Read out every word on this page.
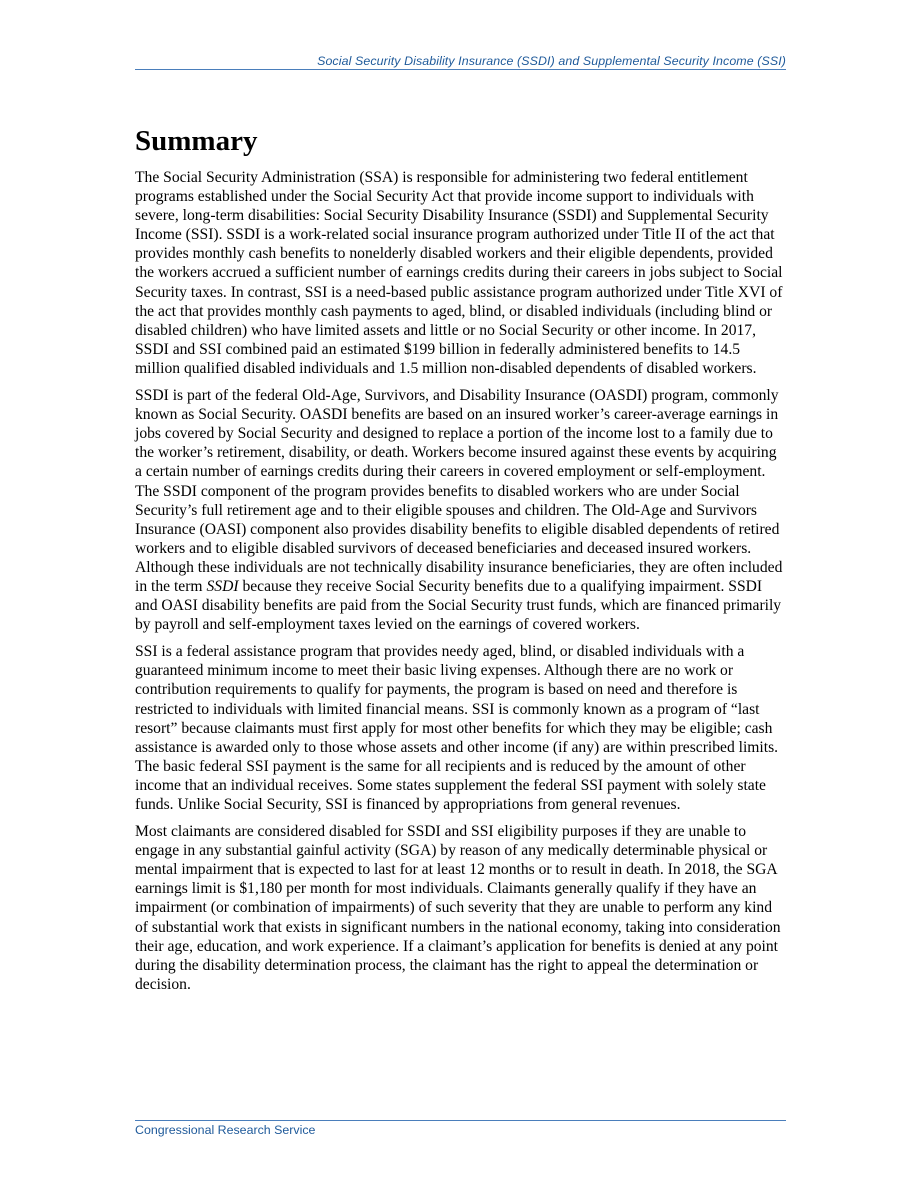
Social Security Disability Insurance (SSDI) and Supplemental Security Income (SSI)
Summary

The Social Security Administration (SSA) is responsible for administering two federal entitlement programs established under the Social Security Act that provide income support to individuals with severe, long-term disabilities: Social Security Disability Insurance (SSDI) and Supplemental Security Income (SSI). SSDI is a work-related social insurance program authorized under Title II of the act that provides monthly cash benefits to nonelderly disabled workers and their eligible dependents, provided the workers accrued a sufficient number of earnings credits during their careers in jobs subject to Social Security taxes. In contrast, SSI is a need-based public assistance program authorized under Title XVI of the act that provides monthly cash payments to aged, blind, or disabled individuals (including blind or disabled children) who have limited assets and little or no Social Security or other income. In 2017, SSDI and SSI combined paid an estimated $199 billion in federally administered benefits to 14.5 million qualified disabled individuals and 1.5 million non-disabled dependents of disabled workers.

SSDI is part of the federal Old-Age, Survivors, and Disability Insurance (OASDI) program, commonly known as Social Security. OASDI benefits are based on an insured worker’s career-average earnings in jobs covered by Social Security and designed to replace a portion of the income lost to a family due to the worker’s retirement, disability, or death. Workers become insured against these events by acquiring a certain number of earnings credits during their careers in covered employment or self-employment. The SSDI component of the program provides benefits to disabled workers who are under Social Security’s full retirement age and to their eligible spouses and children. The Old-Age and Survivors Insurance (OASI) component also provides disability benefits to eligible disabled dependents of retired workers and to eligible disabled survivors of deceased beneficiaries and deceased insured workers. Although these individuals are not technically disability insurance beneficiaries, they are often included in the term SSDI because they receive Social Security benefits due to a qualifying impairment. SSDI and OASI disability benefits are paid from the Social Security trust funds, which are financed primarily by payroll and self-employment taxes levied on the earnings of covered workers.

SSI is a federal assistance program that provides needy aged, blind, or disabled individuals with a guaranteed minimum income to meet their basic living expenses. Although there are no work or contribution requirements to qualify for payments, the program is based on need and therefore is restricted to individuals with limited financial means. SSI is commonly known as a program of “last resort” because claimants must first apply for most other benefits for which they may be eligible; cash assistance is awarded only to those whose assets and other income (if any) are within prescribed limits. The basic federal SSI payment is the same for all recipients and is reduced by the amount of other income that an individual receives. Some states supplement the federal SSI payment with solely state funds. Unlike Social Security, SSI is financed by appropriations from general revenues.

Most claimants are considered disabled for SSDI and SSI eligibility purposes if they are unable to engage in any substantial gainful activity (SGA) by reason of any medically determinable physical or mental impairment that is expected to last for at least 12 months or to result in death. In 2018, the SGA earnings limit is $1,180 per month for most individuals. Claimants generally qualify if they have an impairment (or combination of impairments) of such severity that they are unable to perform any kind of substantial work that exists in significant numbers in the national economy, taking into consideration their age, education, and work experience. If a claimant’s application for benefits is denied at any point during the disability determination process, the claimant has the right to appeal the determination or decision.

Congressional Research Service
